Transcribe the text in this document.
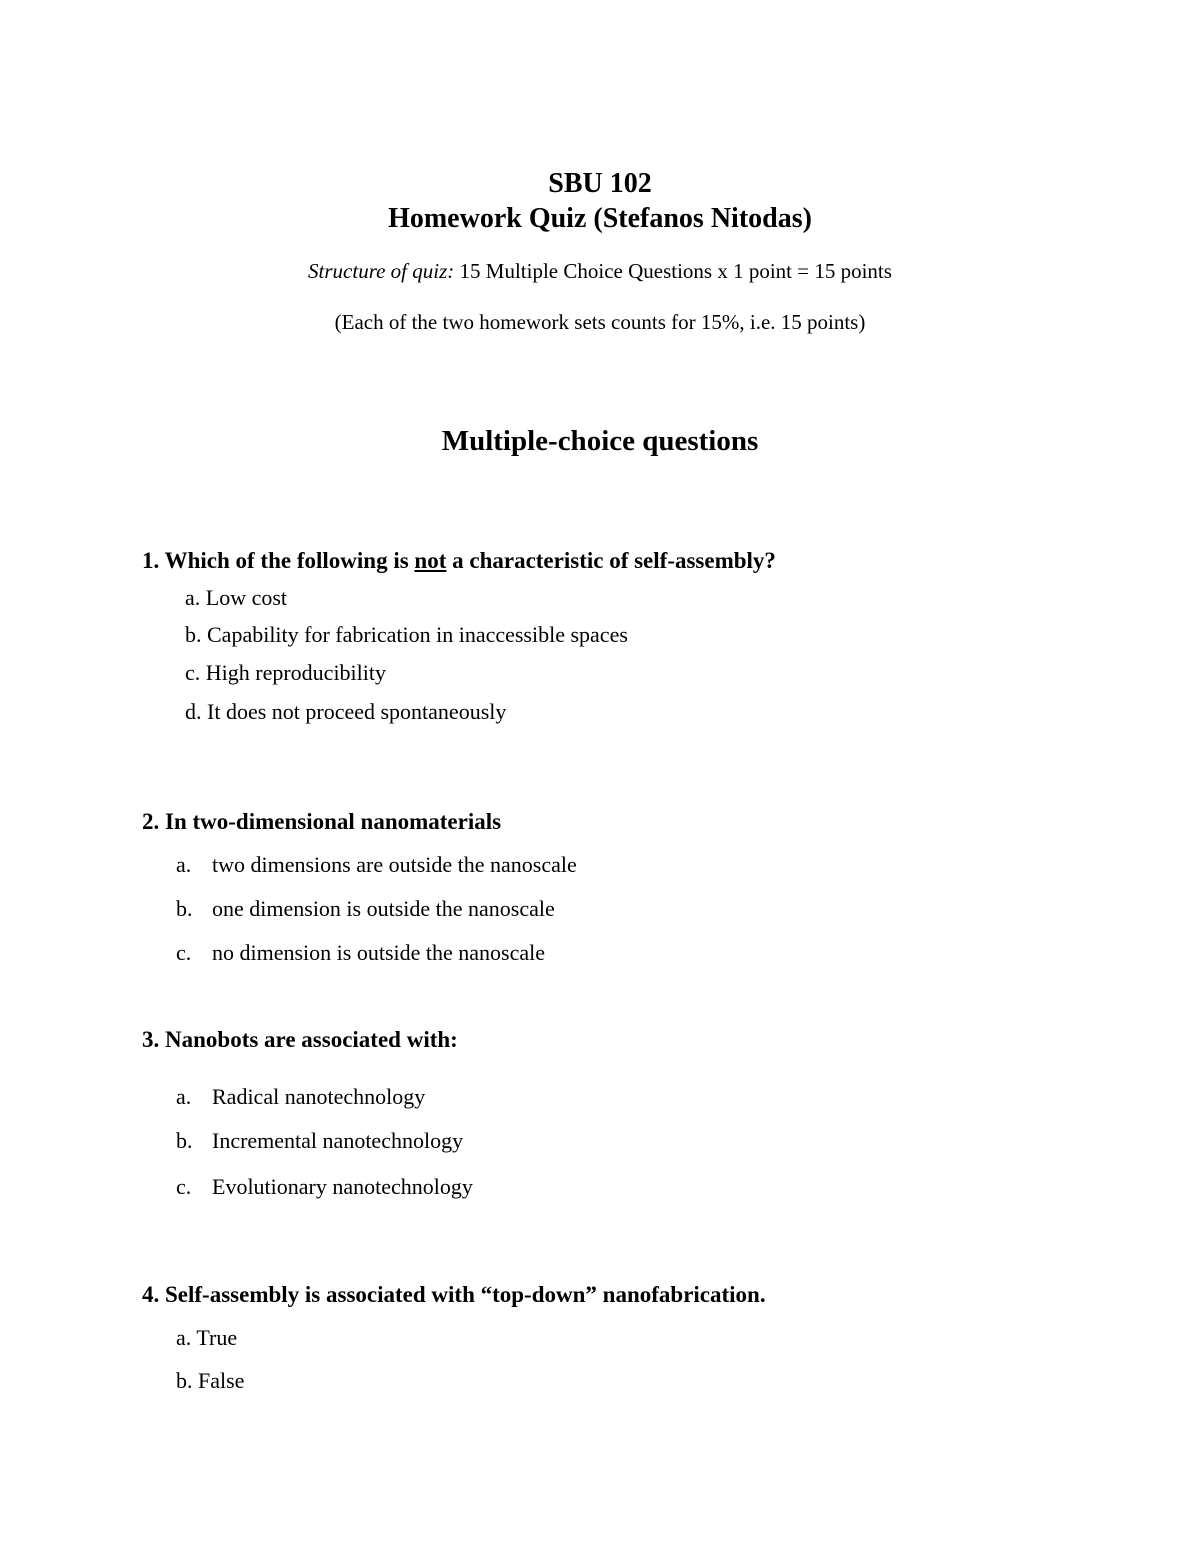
SBU 102
Homework Quiz (Stefanos Nitodas)
Structure of quiz: 15 Multiple Choice Questions x 1 point = 15 points
(Each of the two homework sets counts for 15%, i.e. 15 points)
Multiple-choice questions
1. Which of the following is not a characteristic of self-assembly?
a. Low cost
b. Capability for fabrication in inaccessible spaces
c. High reproducibility
d. It does not proceed spontaneously
2. In two-dimensional nanomaterials
a. two dimensions are outside the nanoscale
b. one dimension is outside the nanoscale
c. no dimension is outside the nanoscale
3. Nanobots are associated with:
a. Radical nanotechnology
b. Incremental nanotechnology
c. Evolutionary nanotechnology
4. Self-assembly is associated with “top-down” nanofabrication.
a. True
b. False
